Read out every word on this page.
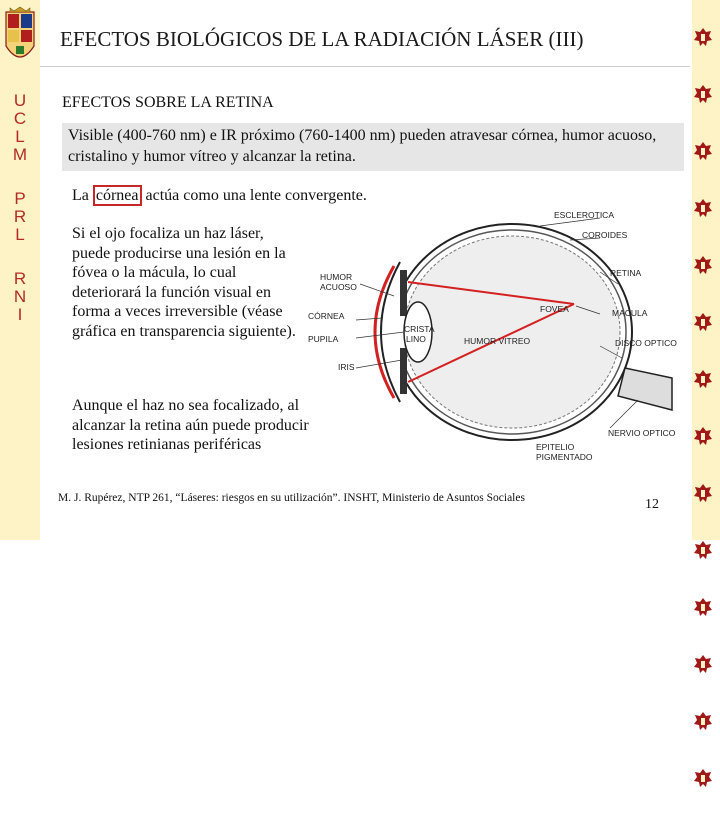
U
C
L
M
P
R
L
R
N
I
EFECTOS BIOLÓGICOS DE LA RADIACIÓN LÁSER (III)
EFECTOS SOBRE LA RETINA
Visible (400-760 nm) e IR próximo (760-1400 nm) pueden atravesar córnea, humor acuoso, cristalino y humor vítreo y alcanzar la retina.
La córnea actúa como una lente convergente.
Si el ojo focaliza un haz láser, puede producirse una lesión en la fóvea o la mácula, lo cual deteriorará la función visual en forma a veces irreversible (véase gráfica en transparencia siguiente).
Aunque el haz no sea focalizado, al alcanzar la retina aún puede producir lesiones retinianas periféricas
ESCLEROTICA
COROIDES
HUMOR
ACUOSO
RETINA
CÓRNEA
FOVEA	MACULA
CRISTA
LINO	HUMOR VITREO
PUPILA	DISCO OPTICO
IRIS
NERVIO OPTICO
EPITELIO
PIGMENTADO
M. J. Rupérez, NTP 261, “Láseres: riesgos en su utilización”. INSHT, Ministerio de Asuntos Sociales	12
